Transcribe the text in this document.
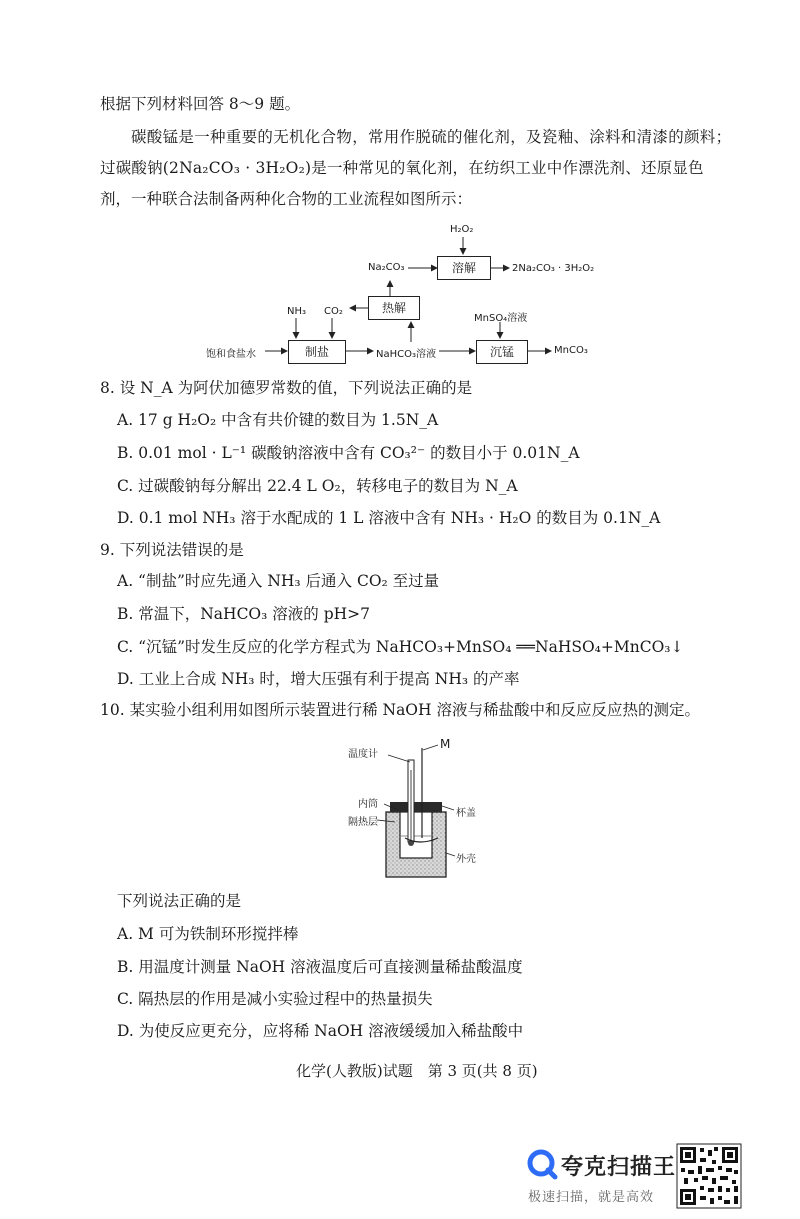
根据下列材料回答 8～9 题。
碳酸锰是一种重要的无机化合物，常用作脱硫的催化剂，及瓷釉、涂料和清漆的颜料；
过碳酸钠(2Na₂CO₃ · 3H₂O₂)是一种常见的氧化剂，在纺织工业中作漂洗剂、还原显色
剂，一种联合法制备两种化合物的工业流程如图所示：
H₂O₂
Na₂CO₃	溶解	2Na₂CO₃ · 3H₂O₂
热解
NH₃ CO₂
MnSO₄溶液
饱和食盐水	制盐	NaHCO₃溶液	沉锰	MnCO₃
8. 设 N_A 为阿伏加德罗常数的值，下列说法正确的是
A. 17 g H₂O₂ 中含有共价键的数目为 1.5N_A
B. 0.01 mol · L⁻¹ 碳酸钠溶液中含有 CO₃²⁻ 的数目小于 0.01N_A
C. 过碳酸钠每分解出 22.4 L O₂，转移电子的数目为 N_A
D. 0.1 mol NH₃ 溶于水配成的 1 L 溶液中含有 NH₃ · H₂O 的数目为 0.1N_A
9. 下列说法错误的是
A. “制盐”时应先通入 NH₃ 后通入 CO₂ 至过量
B. 常温下，NaHCO₃ 溶液的 pH>7
C. “沉锰”时发生反应的化学方程式为 NaHCO₃+MnSO₄ ══NaHSO₄+MnCO₃↓
D. 工业上合成 NH₃ 时，增大压强有利于提高 NH₃ 的产率
10. 某实验小组利用如图所示装置进行稀 NaOH 溶液与稀盐酸中和反应反应热的测定。
温度计
M
内筒
隔热层
杯盖
外壳
下列说法正确的是
A. M 可为铁制环形搅拌棒
B. 用温度计测量 NaOH 溶液温度后可直接测量稀盐酸温度
C. 隔热层的作用是减小实验过程中的热量损失
D. 为使反应更充分，应将稀 NaOH 溶液缓缓加入稀盐酸中
化学(人教版)试题　第 3 页(共 8 页)
夸克扫描王
极速扫描，就是高效
